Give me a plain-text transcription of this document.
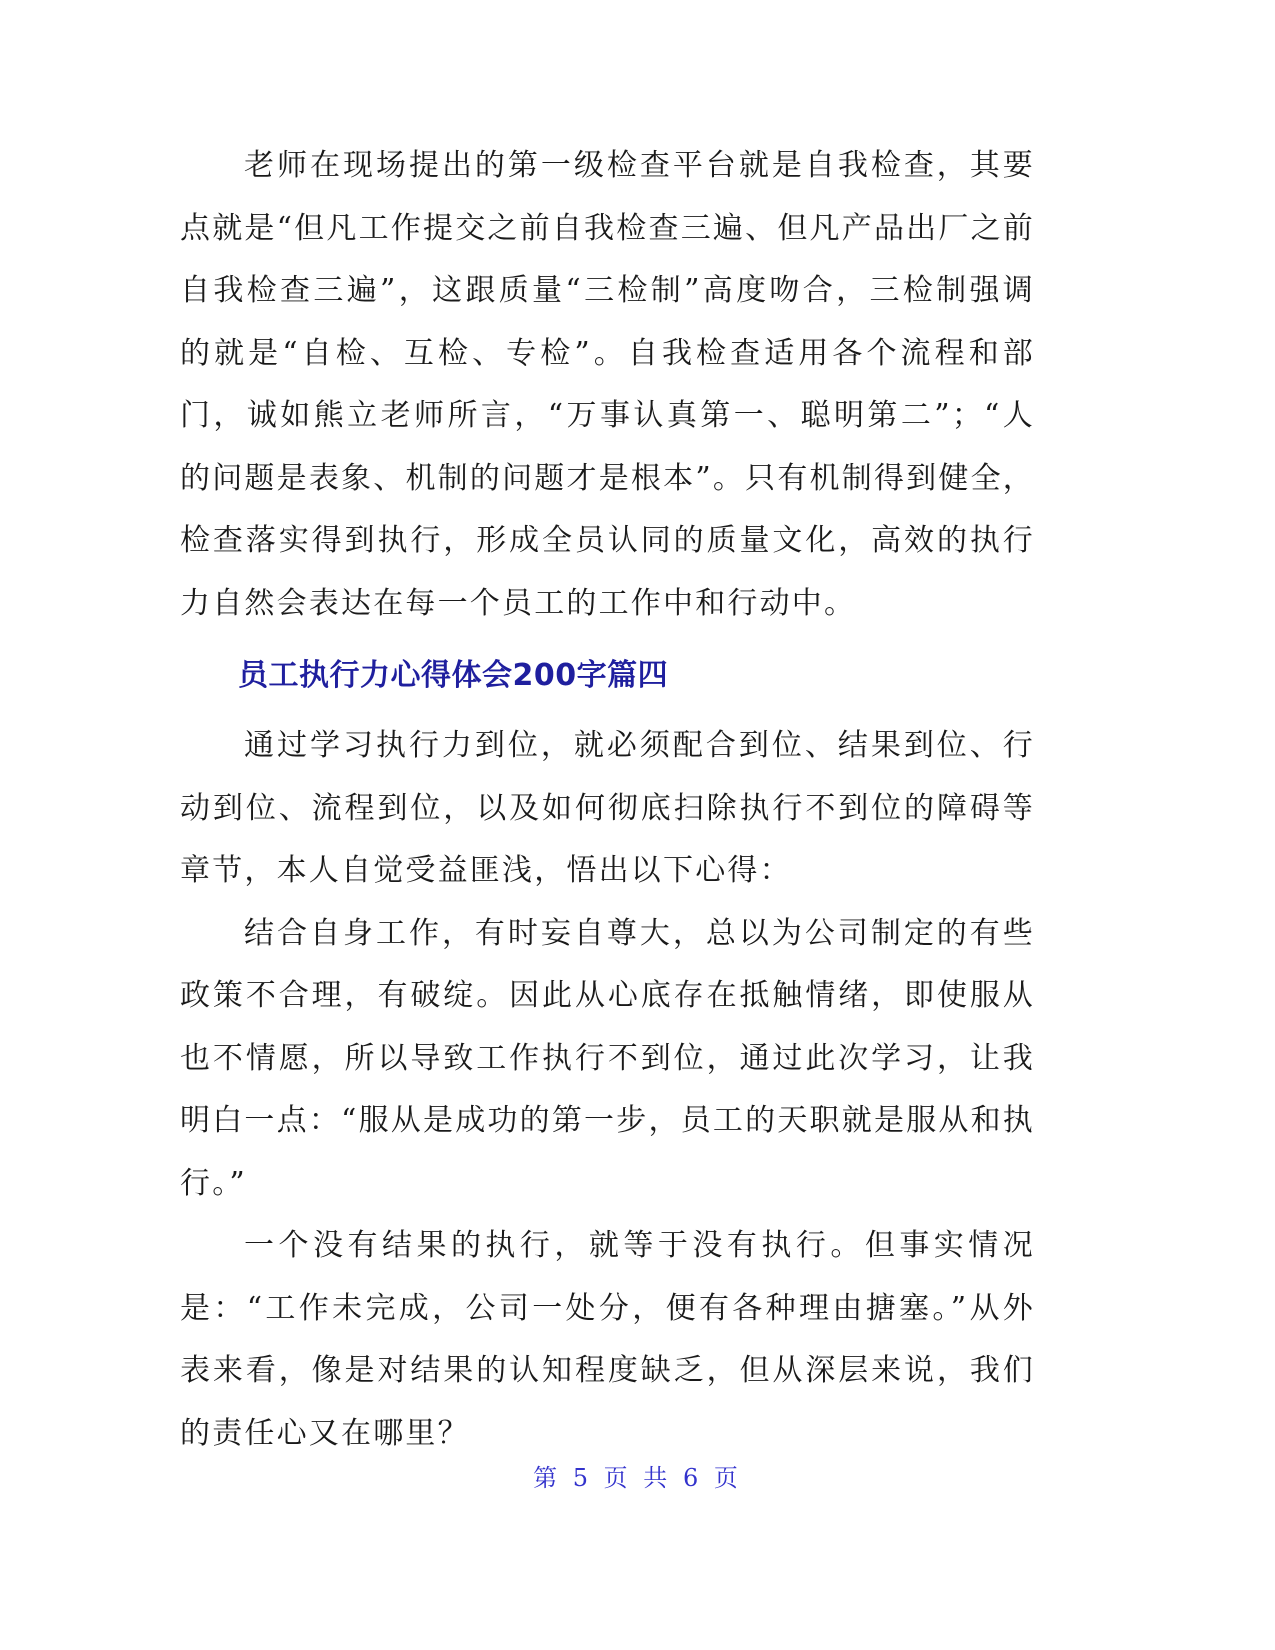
老师在现场提出的第一级检查平台就是自我检查，其要点就是“但凡工作提交之前自我检查三遍、但凡产品出厂之前自我检查三遍”，这跟质量“三检制”高度吻合，三检制强调的就是“自检、互检、专检”。自我检查适用各个流程和部门，诚如熊立老师所言，“万事认真第一、聪明第二”；“人的问题是表象、机制的问题才是根本”。只有机制得到健全，检查落实得到执行，形成全员认同的质量文化，高效的执行力自然会表达在每一个员工的工作中和行动中。

员工执行力心得体会200字篇四

通过学习执行力到位，就必须配合到位、结果到位、行动到位、流程到位，以及如何彻底扫除执行不到位的障碍等章节，本人自觉受益匪浅，悟出以下心得：

结合自身工作，有时妄自尊大，总以为公司制定的有些政策不合理，有破绽。因此从心底存在抵触情绪，即使服从也不情愿，所以导致工作执行不到位，通过此次学习，让我明白一点：“服从是成功的第一步，员工的天职就是服从和执行。”

一个没有结果的执行，就等于没有执行。但事实情况是：“工作未完成，公司一处分，便有各种理由搪塞。”从外表来看，像是对结果的认知程度缺乏，但从深层来说，我们的责任心又在哪里？

第 5 页 共 6 页
